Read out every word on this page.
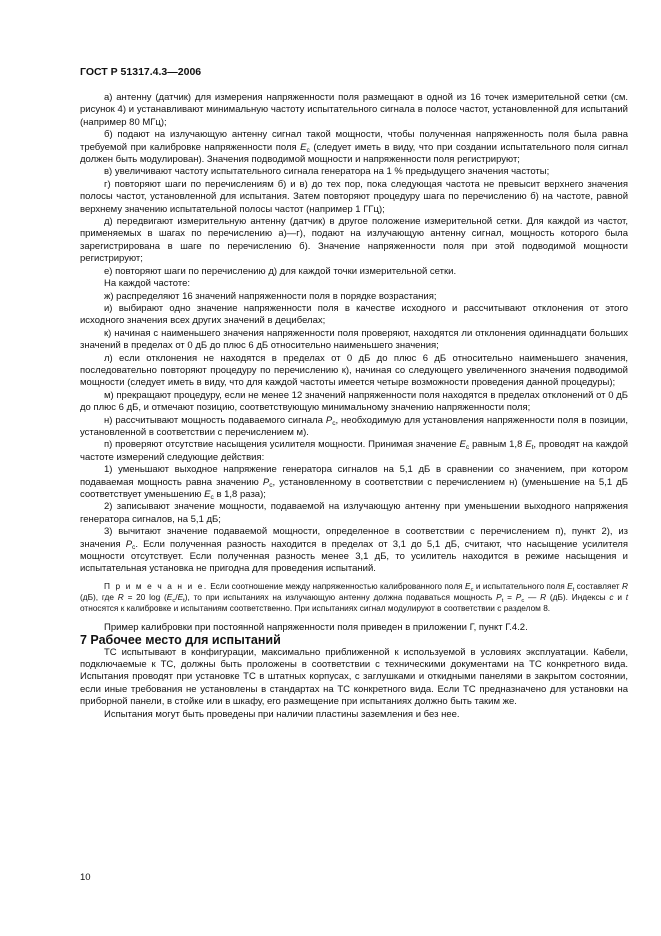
ГОСТ Р 51317.4.3—2006

а) антенну (датчик) для измерения напряженности поля размещают в одной из 16 точек измерительной сетки (см. рисунок 4) и устанавливают минимальную частоту испытательного сигнала в полосе частот, установленной для испытаний (например 80 МГц);

б) подают на излучающую антенну сигнал такой мощности, чтобы полученная напряженность поля была равна требуемой при калибровке напряженности поля $Е_с$ (следует иметь в виду, что при создании испытательного поля сигнал должен быть модулирован). Значения подводимой мощности и напряженности поля регистрируют;

в) увеличивают частоту испытательного сигнала генератора на 1 % предыдущего значения частоты;

г) повторяют шаги по перечислениям б) и в) до тех пор, пока следующая частота не превысит верхнего значения полосы частот, установленной для испытания. Затем повторяют процедуру шага по перечислению б) на частоте, равной верхнему значению испытательной полосы частот (например 1 ГГц);

д) передвигают измерительную антенну (датчик) в другое положение измерительной сетки. Для каждой из частот, применяемых в шагах по перечислению а)—г), подают на излучающую антенну сигнал, мощность которого была зарегистрирована в шаге по перечислению б). Значение напряженности поля при этой подводимой мощности регистрируют;

е) повторяют шаги по перечислению д) для каждой точки измерительной сетки.

На каждой частоте:

ж) распределяют 16 значений напряженности поля в порядке возрастания;

и) выбирают одно значение напряженности поля в качестве исходного и рассчитывают отклонения от этого исходного значения всех других значений в децибелах;

к) начиная с наименьшего значения напряженности поля проверяют, находятся ли отклонения одиннадцати больших значений в пределах от 0 дБ до плюс 6 дБ относительно наименьшего значения;

л) если отклонения не находятся в пределах от 0 дБ до плюс 6 дБ относительно наименьшего значения, последовательно повторяют процедуру по перечислению к), начиная со следующего увеличенного значения подводимой мощности (следует иметь в виду, что для каждой частоты имеется четыре возможности проведения данной процедуры);

м) прекращают процедуру, если не менее 12 значений напряженности поля находятся в пределах отклонений от 0 дБ до плюс 6 дБ, и отмечают позицию, соответствующую минимальному значению напряженности поля;

н) рассчитывают мощность подаваемого сигнала $Р_с$, необходимую для установления напряженности поля в позиции, установленной в соответствии с перечислением м).

п) проверяют отсутствие насыщения усилителя мощности. Принимая значение $Е_с$ равным 1,8 $Е_t$, проводят на каждой частоте измерений следующие действия:

1) уменьшают выходное напряжение генератора сигналов на 5,1 дБ в сравнении со значением, при котором подаваемая мощность равна значению $Р_с$, установленному в соответствии с перечислением н) (уменьшение на 5,1 дБ соответствует уменьшению $Е_с$ в 1,8 раза);

2) записывают значение мощности, подаваемой на излучающую антенну при уменьшении выходного напряжения генератора сигналов, на 5,1 дБ;

3) вычитают значение подаваемой мощности, определенное в соответствии с перечислением п), пункт 2), из значения $Р_с$. Если полученная разность находится в пределах от 3,1 до 5,1 дБ, считают, что насыщение усилителя мощности отсутствует. Если полученная разность менее 3,1 дБ, то усилитель находится в режиме насыщения и испытательная установка не пригодна для проведения испытаний.

П р и м е ч а н и е. Если соотношение между напряженностью калиброванного поля $Е_с$ и испытательного поля $Е_t$ составляет R (дБ), где R = 20 $\log (Е_с/Е_t)$, то при испытаниях на излучающую антенну должна подаваться мощность $Р_t = Р_с$ — R (дБ). Индексы с и t относятся к калибровке и испытаниям соответственно. При испытаниях сигнал модулируют в соответствии с разделом 8.

Пример калибровки при постоянной напряженности поля приведен в приложении Г, пункт Г.4.2.

7 Рабочее место для испытаний

ТС испытывают в конфигурации, максимально приближенной к используемой в условиях эксплуатации. Кабели, подключаемые к ТС, должны быть проложены в соответствии с техническими документами на ТС конкретного вида. Испытания проводят при установке ТС в штатных корпусах, с заглушками и откидными панелями в закрытом состоянии, если иные требования не установлены в стандартах на ТС конкретного вида. Если ТС предназначено для установки на приборной панели, в стойке или в шкафу, его размещение при испытаниях должно быть таким же.

Испытания могут быть проведены при наличии пластины заземления и без нее.

10
